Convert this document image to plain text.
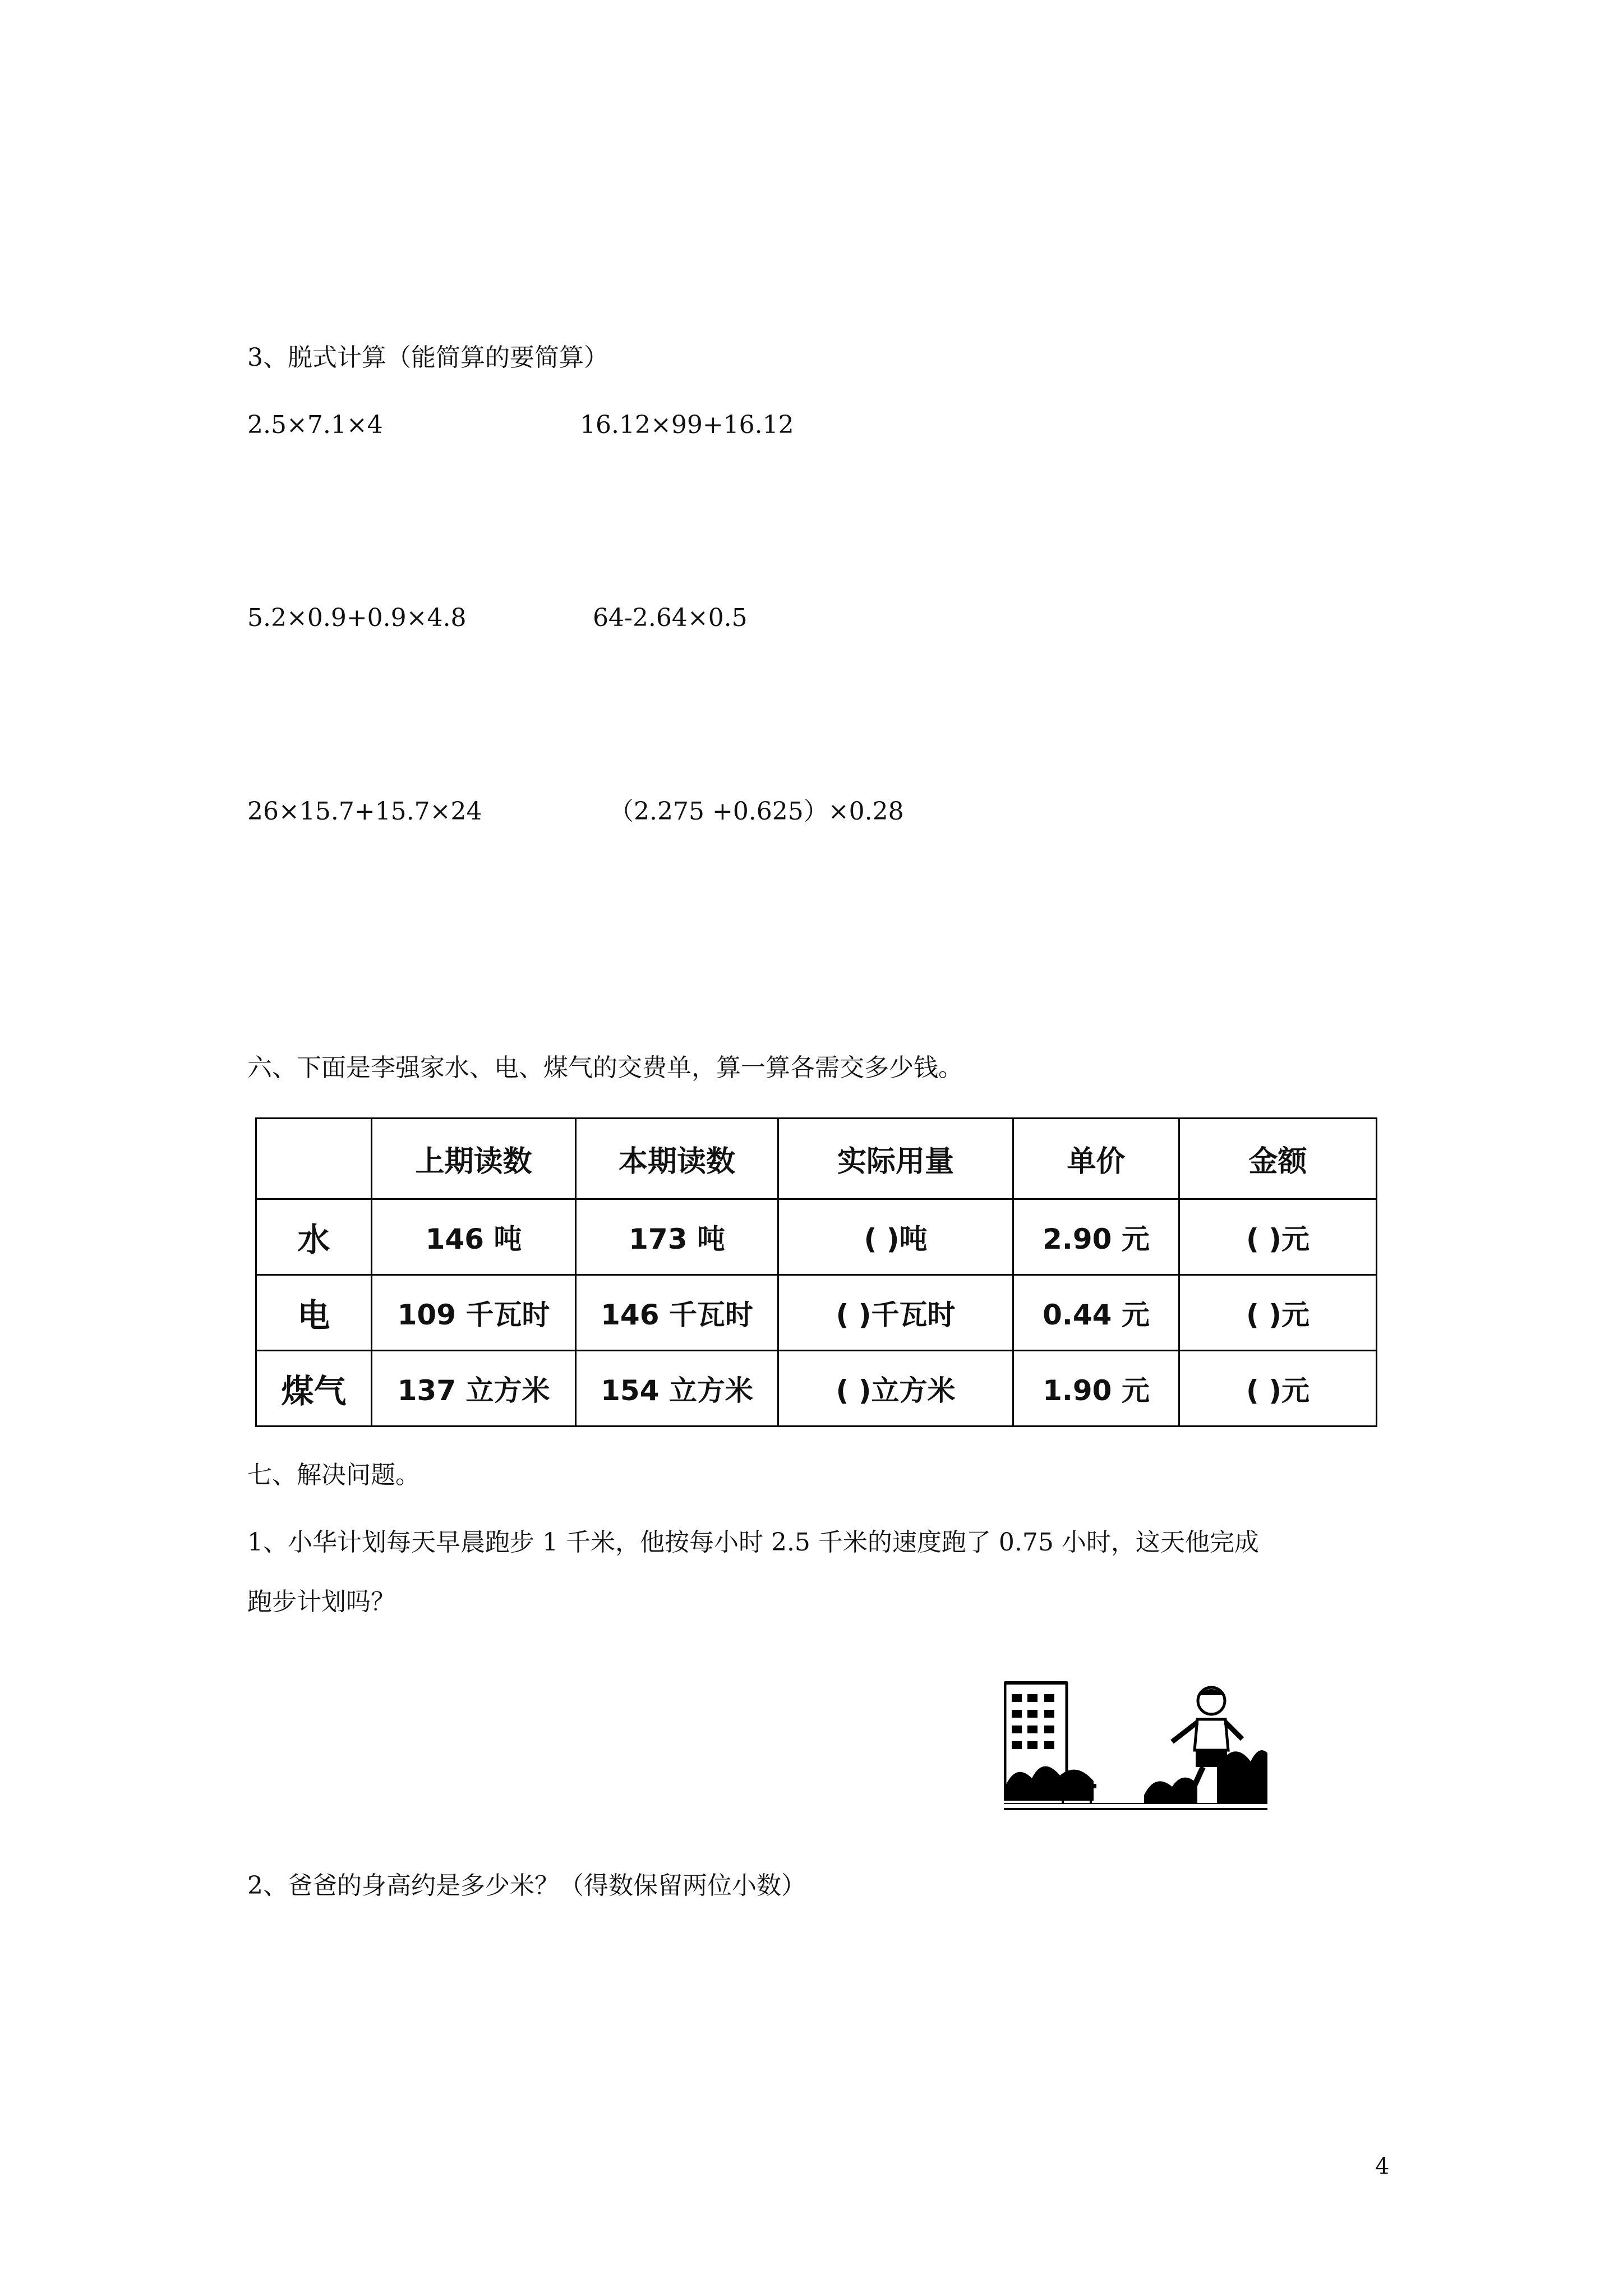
3、脱式计算（能简算的要简算）
2.5×7.1×4	16.12×99+16.12
5.2×0.9+0.9×4.8	64-2.64×0.5
26×15.7+15.7×24	（2.275 +0.625）×0.28
六、下面是李强家水、电、煤气的交费单，算一算各需交多少钱。
	上期读数	本期读数	实际用量	单价	金额
水	146 吨	173 吨	( )吨	2.90 元	( )元
电	109 千瓦时	146 千瓦时	( )千瓦时	0.44 元	( )元
煤气	137 立方米	154 立方米	( )立方米	1.90 元	( )元
七、解决问题。
1、小华计划每天早晨跑步 1 千米，他按每小时 2.5 千米的速度跑了 0.75 小时，这天他完成
跑步计划吗？
2、爸爸的身高约是多少米？（得数保留两位小数）
4
